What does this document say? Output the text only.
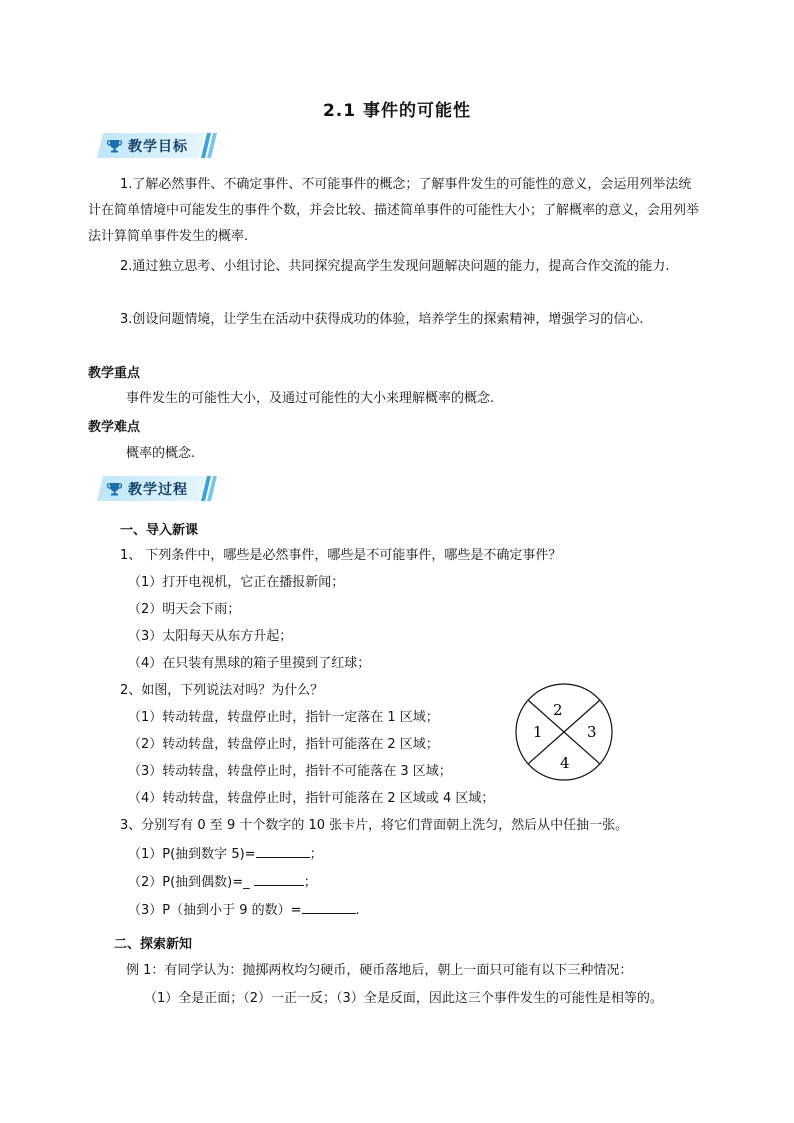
2.1 事件的可能性
教学目标
1.了解必然事件、不确定事件、不可能事件的概念；了解事件发生的可能性的意义，会运用列举法统计在简单情境中可能发生的事件个数，并会比较、描述简单事件的可能性大小；了解概率的意义，会用列举法计算简单事件发生的概率.
2.通过独立思考、小组讨论、共同探究提高学生发现问题解决问题的能力，提高合作交流的能力.
3.创设问题情境，让学生在活动中获得成功的体验，培养学生的探索精神，增强学习的信心.
教学重点
事件发生的可能性大小，及通过可能性的大小来理解概率的概念.
教学难点
概率的概念.
教学过程
一、导入新课
1、 下列条件中，哪些是必然事件，哪些是不可能事件，哪些是不确定事件？
（1）打开电视机，它正在播报新闻；
（2）明天会下雨；
（3）太阳每天从东方升起；
（4）在只装有黑球的箱子里摸到了红球；
2、如图，下列说法对吗？为什么？
（1）转动转盘，转盘停止时，指针一定落在 1 区域；
（2）转动转盘，转盘停止时，指针可能落在 2 区域；
（3）转动转盘，转盘停止时，指针不可能落在 3 区域；
（4）转动转盘，转盘停止时，指针可能落在 2 区域或 4 区域；
1
2
3
4
3、分别写有 0 至 9 十个数字的 10 张卡片，将它们背面朝上洗匀，然后从中任抽一张。
（1）P(抽到数字 5)=	；
（2）P(抽到偶数)=_	；
（3）P（抽到小于 9 的数）=	.
二、探索新知
例 1：有同学认为：抛掷两枚均匀硬币，硬币落地后，朝上一面只可能有以下三种情况：
（1）全是正面；（2）一正一反；（3）全是反面，因此这三个事件发生的可能性是相等的。
